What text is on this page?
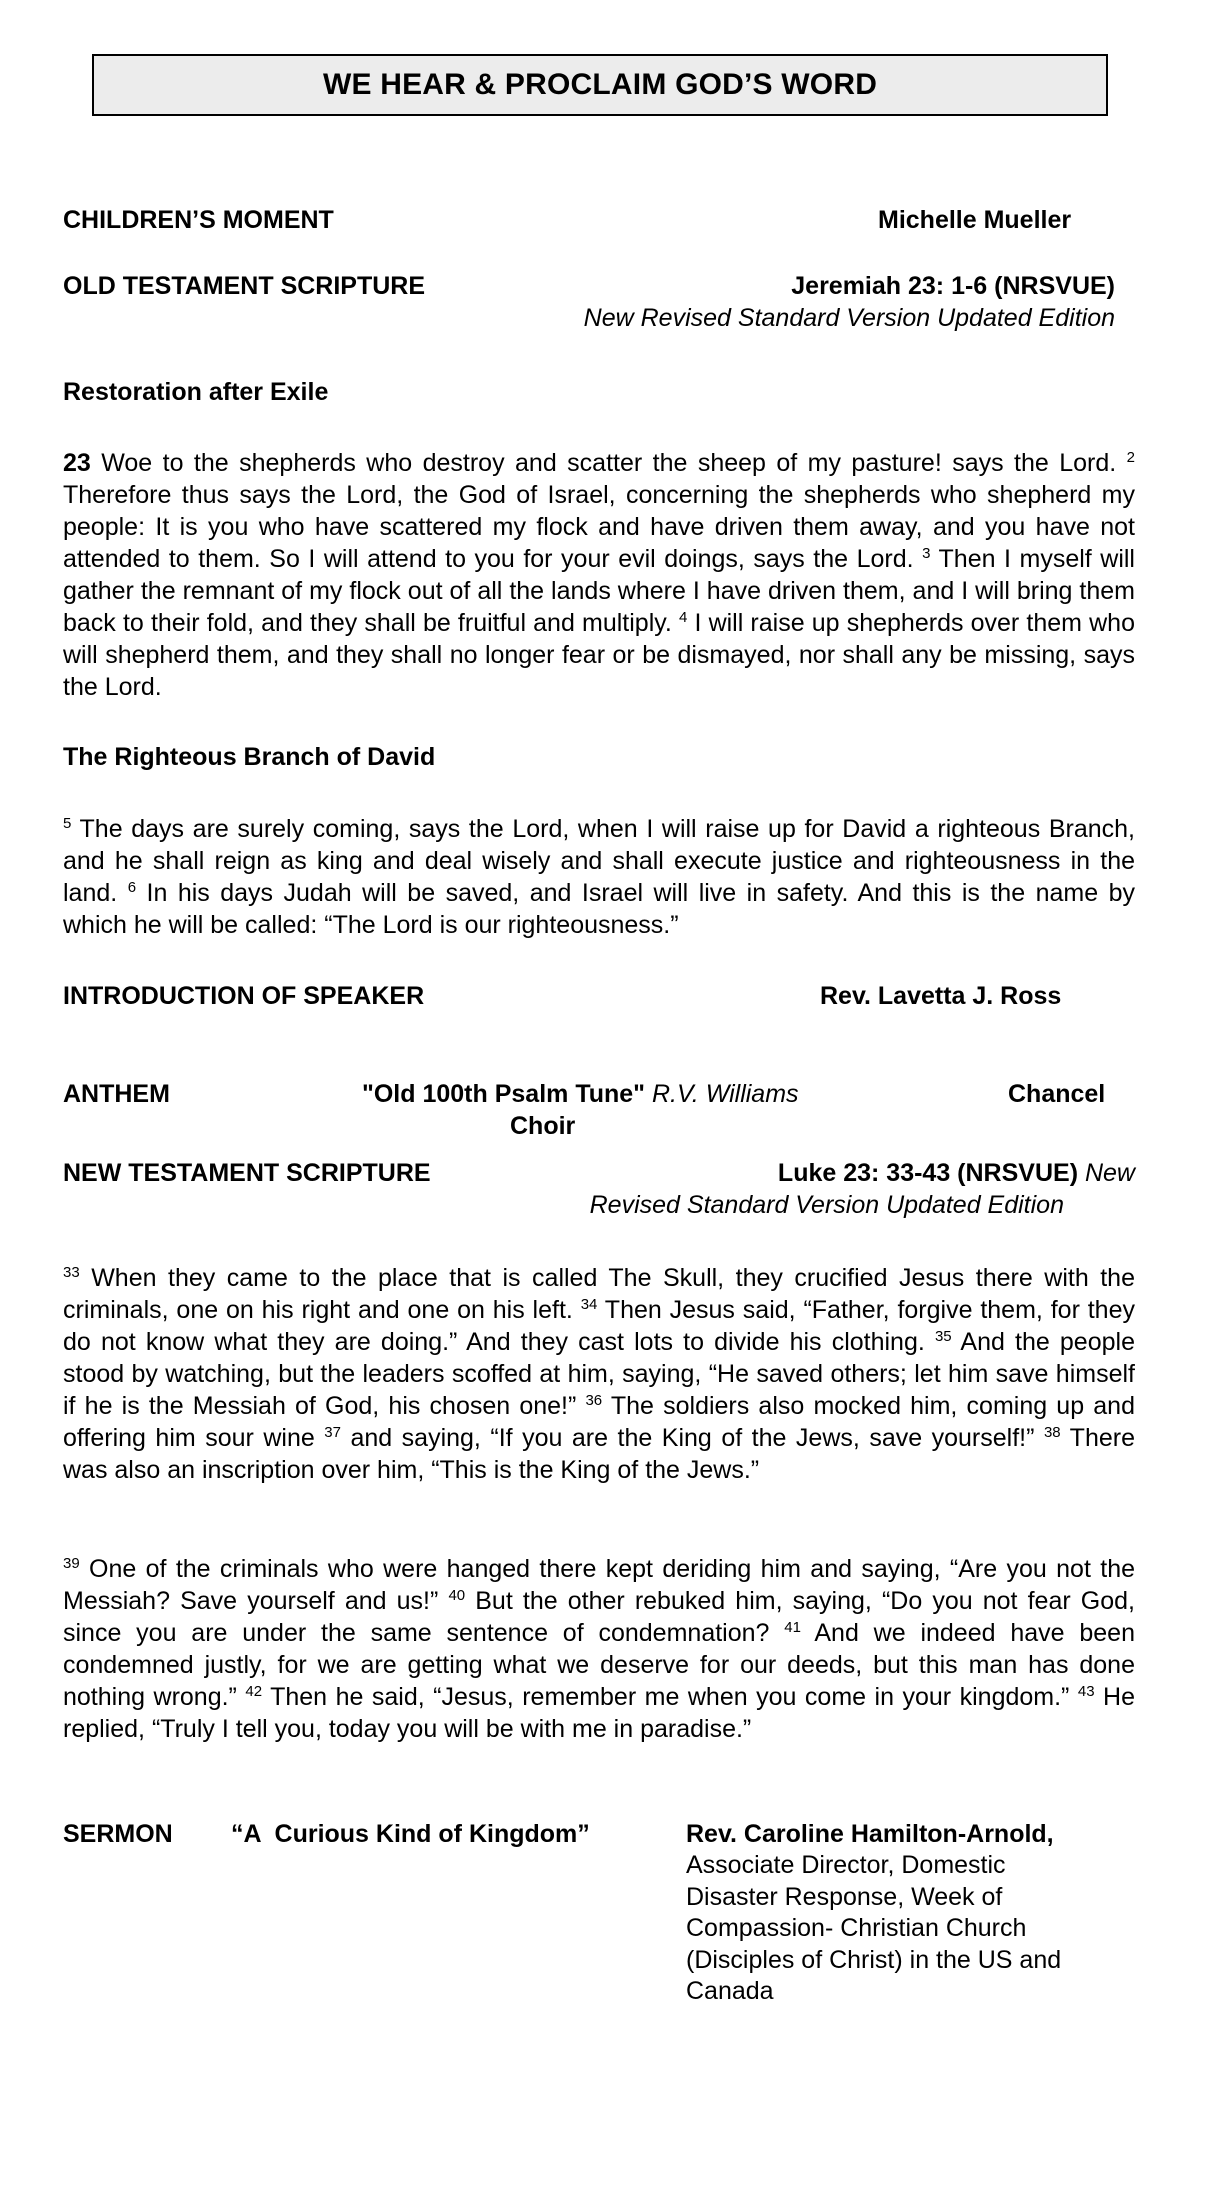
WE HEAR & PROCLAIM GOD’S WORD
CHILDREN’S MOMENT	Michelle Mueller
OLD TESTAMENT SCRIPTURE	Jeremiah 23: 1-6 (NRSVUE)
New Revised Standard Version Updated Edition
Restoration after Exile
23 Woe to the shepherds who destroy and scatter the sheep of my pasture! says the Lord. $^2$ Therefore thus says the Lord, the God of Israel, concerning the shepherds who shepherd my people: It is you who have scattered my flock and have driven them away, and you have not attended to them. So I will attend to you for your evil doings, says the Lord. $^3$ Then I myself will gather the remnant of my flock out of all the lands where I have driven them, and I will bring them back to their fold, and they shall be fruitful and multiply. $^4$ I will raise up shepherds over them who will shepherd them, and they shall no longer fear or be dismayed, nor shall any be missing, says the Lord.
The Righteous Branch of David
$^5$ The days are surely coming, says the Lord, when I will raise up for David a righteous Branch, and he shall reign as king and deal wisely and shall execute justice and righteousness in the land. $^6$ In his days Judah will be saved, and Israel will live in safety. And this is the name by which he will be called: “The Lord is our righteousness.”
INTRODUCTION OF SPEAKER	Rev. Lavetta J. Ross
ANTHEM	"Old 100th Psalm Tune" R.V. Williams	Chancel
Choir
NEW TESTAMENT SCRIPTURE	Luke 23: 33-43 (NRSVUE) New
Revised Standard Version Updated Edition
$^{33}$ When they came to the place that is called The Skull, they crucified Jesus there with the criminals, one on his right and one on his left. $^{34}$ Then Jesus said, “Father, forgive them, for they do not know what they are doing.” And they cast lots to divide his clothing. $^{35}$ And the people stood by watching, but the leaders scoffed at him, saying, “He saved others; let him save himself if he is the Messiah of God, his chosen one!” $^{36}$ The soldiers also mocked him, coming up and offering him sour wine $^{37}$ and saying, “If you are the King of the Jews, save yourself!” $^{38}$ There was also an inscription over him, “This is the King of the Jews.”
$^{39}$ One of the criminals who were hanged there kept deriding him and saying, “Are you not the Messiah? Save yourself and us!” $^{40}$ But the other rebuked him, saying, “Do you not fear God, since you are under the same sentence of condemnation? $^{41}$ And we indeed have been condemned justly, for we are getting what we deserve for our deeds, but this man has done nothing wrong.” $^{42}$ Then he said, “Jesus, remember me when you come in your kingdom.” $^{43}$ He replied, “Truly I tell you, today you will be with me in paradise.”
SERMON “A  Curious Kind of Kingdom”	Rev. Caroline Hamilton-Arnold,
Associate Director, Domestic
Disaster Response, Week of
Compassion- Christian Church
(Disciples of Christ) in the US and
Canada
